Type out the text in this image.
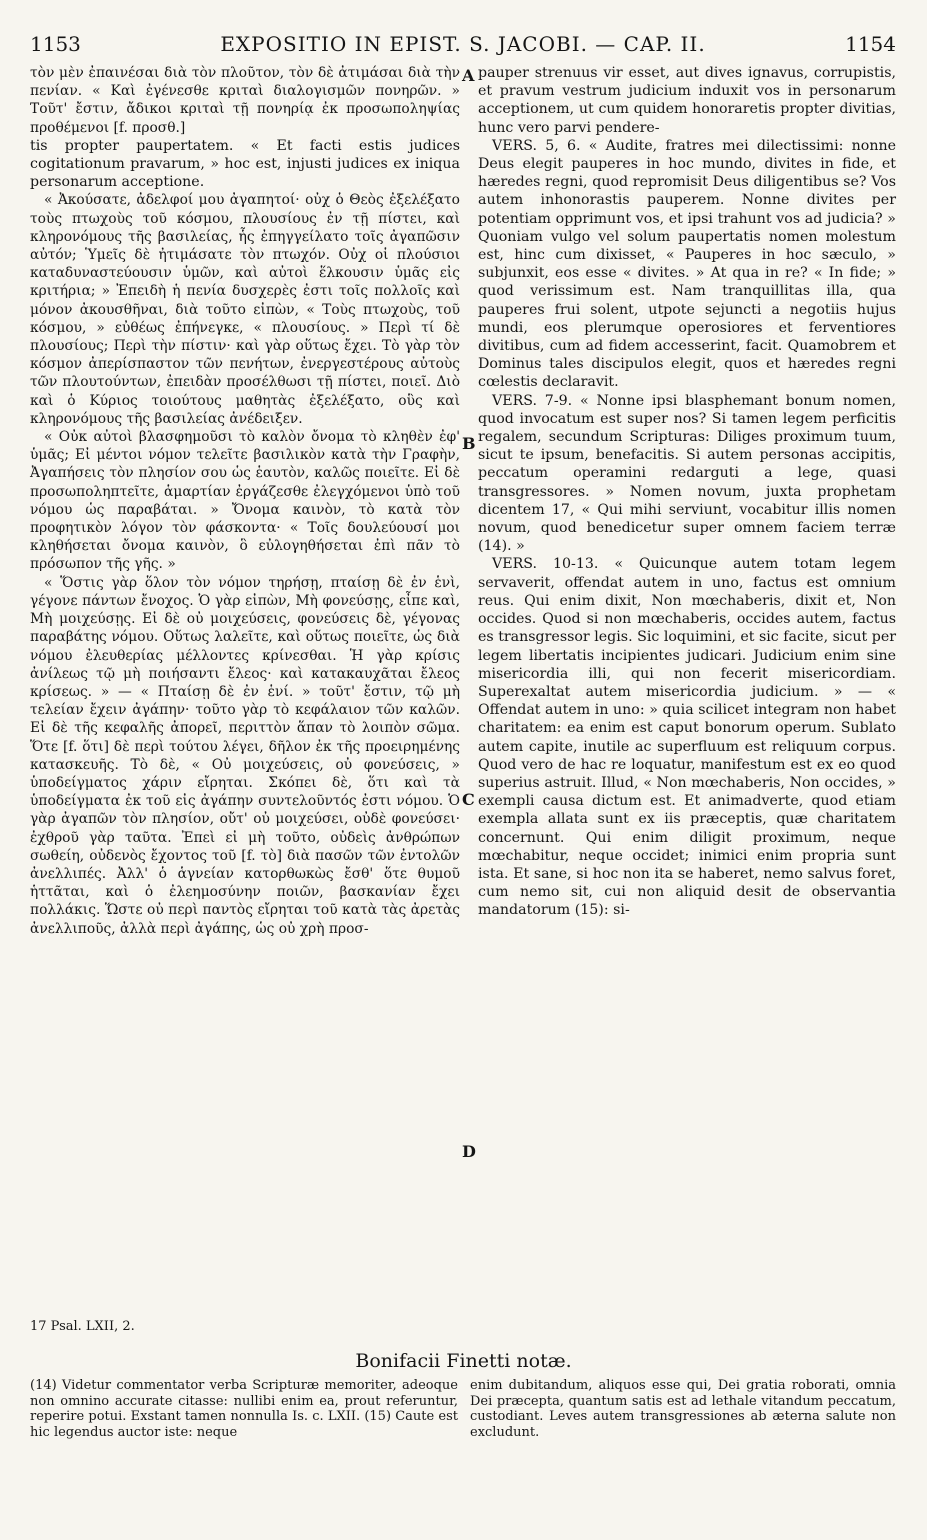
1153	EXPOSITIO IN EPIST. S. JACOBI. — CAP. II.	1154

τὸν μὲν ἐπαινέσαι διὰ τὸν πλοῦτον, τὸν δὲ ἀτιμάσαι διὰ τὴν πενίαν. « Καὶ ἐγένεσθε κριταὶ διαλογισμῶν πονηρῶν. » Τοῦτ' ἔστιν, ἄδικοι κριταὶ τῇ πονηρίᾳ ἐκ προσωποληψίας προθέμενοι [f. προσθ.]

tis propter paupertatem. « Et facti estis judices cogitationum pravarum, » hoc est, injusti judices ex iniqua personarum acceptione.

« Ἀκούσατε, ἀδελφοί μου ἀγαπητοί· οὐχ ὁ Θεὸς ἐξελέξατο τοὺς πτωχοὺς τοῦ κόσμου, πλουσίους ἐν τῇ πίστει, καὶ κληρονόμους τῆς βασιλείας, ἧς ἐπηγγείλατο τοῖς ἀγαπῶσιν αὐτόν; Ὑμεῖς δὲ ἠτιμάσατε τὸν πτωχόν. Οὐχ οἱ πλούσιοι καταδυναστεύουσιν ὑμῶν, καὶ αὐτοὶ ἕλκουσιν ὑμᾶς εἰς κριτήρια; » Ἐπειδὴ ἡ πενία δυσχερὲς ἐστι τοῖς πολλοῖς καὶ μόνον ἀκουσθῆναι, διὰ τοῦτο εἰπὼν, « Τοὺς πτωχοὺς, τοῦ κόσμου, » εὐθέως ἐπήνεγκε, « πλουσίους. » Περὶ τί δὲ πλουσίους; Περὶ τὴν πίστιν· καὶ γὰρ οὕτως ἔχει. Τὸ γὰρ τὸν κόσμον ἀπερίσπαστον τῶν πενήτων, ἐνεργεστέρους αὐτοὺς τῶν πλουτούντων, ἐπειδὰν προσέλθωσι τῇ πίστει, ποιεῖ. Διὸ καὶ ὁ Κύριος τοιούτους μαθητὰς ἐξελέξατο, οὓς καὶ κληρονόμους τῆς βασιλείας ἀνέδειξεν.

« Οὐκ αὐτοὶ βλασφημοῦσι τὸ καλὸν ὄνομα τὸ κληθὲν ἐφ' ὑμᾶς; Εἰ μέντοι νόμον τελεῖτε βασιλικὸν κατὰ τὴν Γραφὴν, Ἀγαπήσεις τὸν πλησίον σου ὡς ἑαυτὸν, καλῶς ποιεῖτε. Εἰ δὲ προσωποληπτεῖτε, ἁμαρτίαν ἐργάζεσθε ἐλεγχόμενοι ὑπὸ τοῦ νόμου ὡς παραβάται. » Ὄνομα καινὸν, τὸ κατὰ τὸν προφητικὸν λόγον τὸν φάσκοντα· « Τοῖς δουλεύουσί μοι κληθήσεται ὄνομα καινὸν, ὃ εὐλογηθήσεται ἐπὶ πᾶν τὸ πρόσωπον τῆς γῆς. »

« Ὅστις γὰρ ὅλον τὸν νόμον τηρήσῃ, πταίσῃ δὲ ἐν ἑνὶ, γέγονε πάντων ἔνοχος. Ὁ γὰρ εἰπὼν, Μὴ φονεύσῃς, εἶπε καὶ, Μὴ μοιχεύσῃς. Εἰ δὲ οὐ μοιχεύσεις, φονεύσεις δὲ, γέγονας παραβάτης νόμου. Οὕτως λαλεῖτε, καὶ οὕτως ποιεῖτε, ὡς διὰ νόμου ἐλευθερίας μέλλοντες κρίνεσθαι. Ἡ γὰρ κρίσις ἀνίλεως τῷ μὴ ποιήσαντι ἔλεος· καὶ κατακαυχᾶται ἔλεος κρίσεως. » — « Πταίσῃ δὲ ἐν ἑνί. » τοῦτ' ἔστιν, τῷ μὴ τελείαν ἔχειν ἀγάπην· τοῦτο γὰρ τὸ κεφάλαιον τῶν καλῶν. Εἰ δὲ τῆς κεφαλῆς ἀπορεῖ, περιττὸν ἅπαν τὸ λοιπὸν σῶμα. Ὅτε [f. ὅτι] δὲ περὶ τούτου λέγει, δῆλον ἐκ τῆς προειρημένης κατασκευῆς. Τὸ δὲ, « Οὐ μοιχεύσεις, οὐ φονεύσεις, » ὑποδείγματος χάριν εἴρηται. Σκόπει δὲ, ὅτι καὶ τὰ ὑποδείγματα ἐκ τοῦ εἰς ἀγάπην συντελοῦντός ἐστι νόμου. Ὁ γὰρ ἀγαπῶν τὸν πλησίον, οὔτ' οὐ μοιχεύσει, οὐδὲ φονεύσει· ἐχθροῦ γὰρ ταῦτα. Ἐπεὶ εἰ μὴ τοῦτο, οὐδεὶς ἀνθρώπων σωθείη, οὐδενὸς ἔχοντος τοῦ [f. τὸ] διὰ πασῶν τῶν ἐντολῶν ἀνελλιπές. Ἀλλ' ὁ ἁγνείαν κατορθωκὼς ἔσθ' ὅτε θυμοῦ ἡττᾶται, καὶ ὁ ἐλεημοσύνην ποιῶν, βασκανίαν ἔχει πολλάκις. Ὥστε οὐ περὶ παντὸς εἴρηται τοῦ κατὰ τὰς ἀρετὰς ἀνελλιποῦς, ἀλλὰ περὶ ἀγάπης, ὡς οὐ χρὴ προσ-

pauper strenuus vir esset, aut dives ignavus, corrupistis, et pravum vestrum judicium induxit vos in personarum acceptionem, ut cum quidem honoraretis propter divitias, hunc vero parvi pendere-

VERS. 5, 6. « Audite, fratres mei dilectissimi: nonne Deus elegit pauperes in hoc mundo, divites in fide, et hæredes regni, quod repromisit Deus diligentibus se? Vos autem inhonorastis pauperem. Nonne divites per potentiam opprimunt vos, et ipsi trahunt vos ad judicia? » Quoniam vulgo vel solum paupertatis nomen molestum est, hinc cum dixisset, « Pauperes in hoc sæculo, » subjunxit, eos esse « divites. » At qua in re? « In fide; » quod verissimum est. Nam tranquillitas illa, qua pauperes frui solent, utpote sejuncti a negotiis hujus mundi, eos plerumque operosiores et ferventiores divitibus, cum ad fidem accesserint, facit. Quamobrem et Dominus tales discipulos elegit, quos et hæredes regni cœlestis declaravit.

VERS. 7-9. « Nonne ipsi blasphemant bonum nomen, quod invocatum est super nos? Si tamen legem perficitis regalem, secundum Scripturas: Diliges proximum tuum, sicut te ipsum, benefacitis. Si autem personas accipitis, peccatum operamini redarguti a lege, quasi transgressores. » Nomen novum, juxta prophetam dicentem 17, « Qui mihi serviunt, vocabitur illis nomen novum, quod benedicetur super omnem faciem terræ (14). »

VERS. 10-13. « Quicunque autem totam legem servaverit, offendat autem in uno, factus est omnium reus. Qui enim dixit, Non mœchaberis, dixit et, Non occides. Quod si non mœchaberis, occides autem, factus es transgressor legis. Sic loquimini, et sic facite, sicut per legem libertatis incipientes judicari. Judicium enim sine misericordia illi, qui non fecerit misericordiam. Superexaltat autem misericordia judicium. » — « Offendat autem in uno: » quia scilicet integram non habet charitatem: ea enim est caput bonorum operum. Sublato autem capite, inutile ac superfluum est reliquum corpus. Quod vero de hac re loquatur, manifestum est ex eo quod superius astruit. Illud, « Non mœchaberis, Non occides, » exempli causa dictum est. Et animadverte, quod etiam exempla allata sunt ex iis præceptis, quæ charitatem concernunt. Qui enim diligit proximum, neque mœchabitur, neque occidet; inimici enim propria sunt ista. Et sane, si hoc non ita se haberet, nemo salvus foret, cum nemo sit, cui non aliquid desit de observantia mandatorum (15): si-

A
B
C
D

17 Psal. LXII, 2.

Bonifacii Finetti notæ.
(14) Videtur commentator verba Scripturæ memoriter, adeoque non omnino accurate citasse: nullibi enim ea, prout referuntur, reperire potui. Exstant tamen nonnulla Is. c. LXII. (15) Caute est hic legendus auctor iste: neque
enim dubitandum, aliquos esse qui, Dei gratia roborati, omnia Dei præcepta, quantum satis est ad lethale vitandum peccatum, custodiant. Leves autem transgressiones ab æterna salute non excludunt.
